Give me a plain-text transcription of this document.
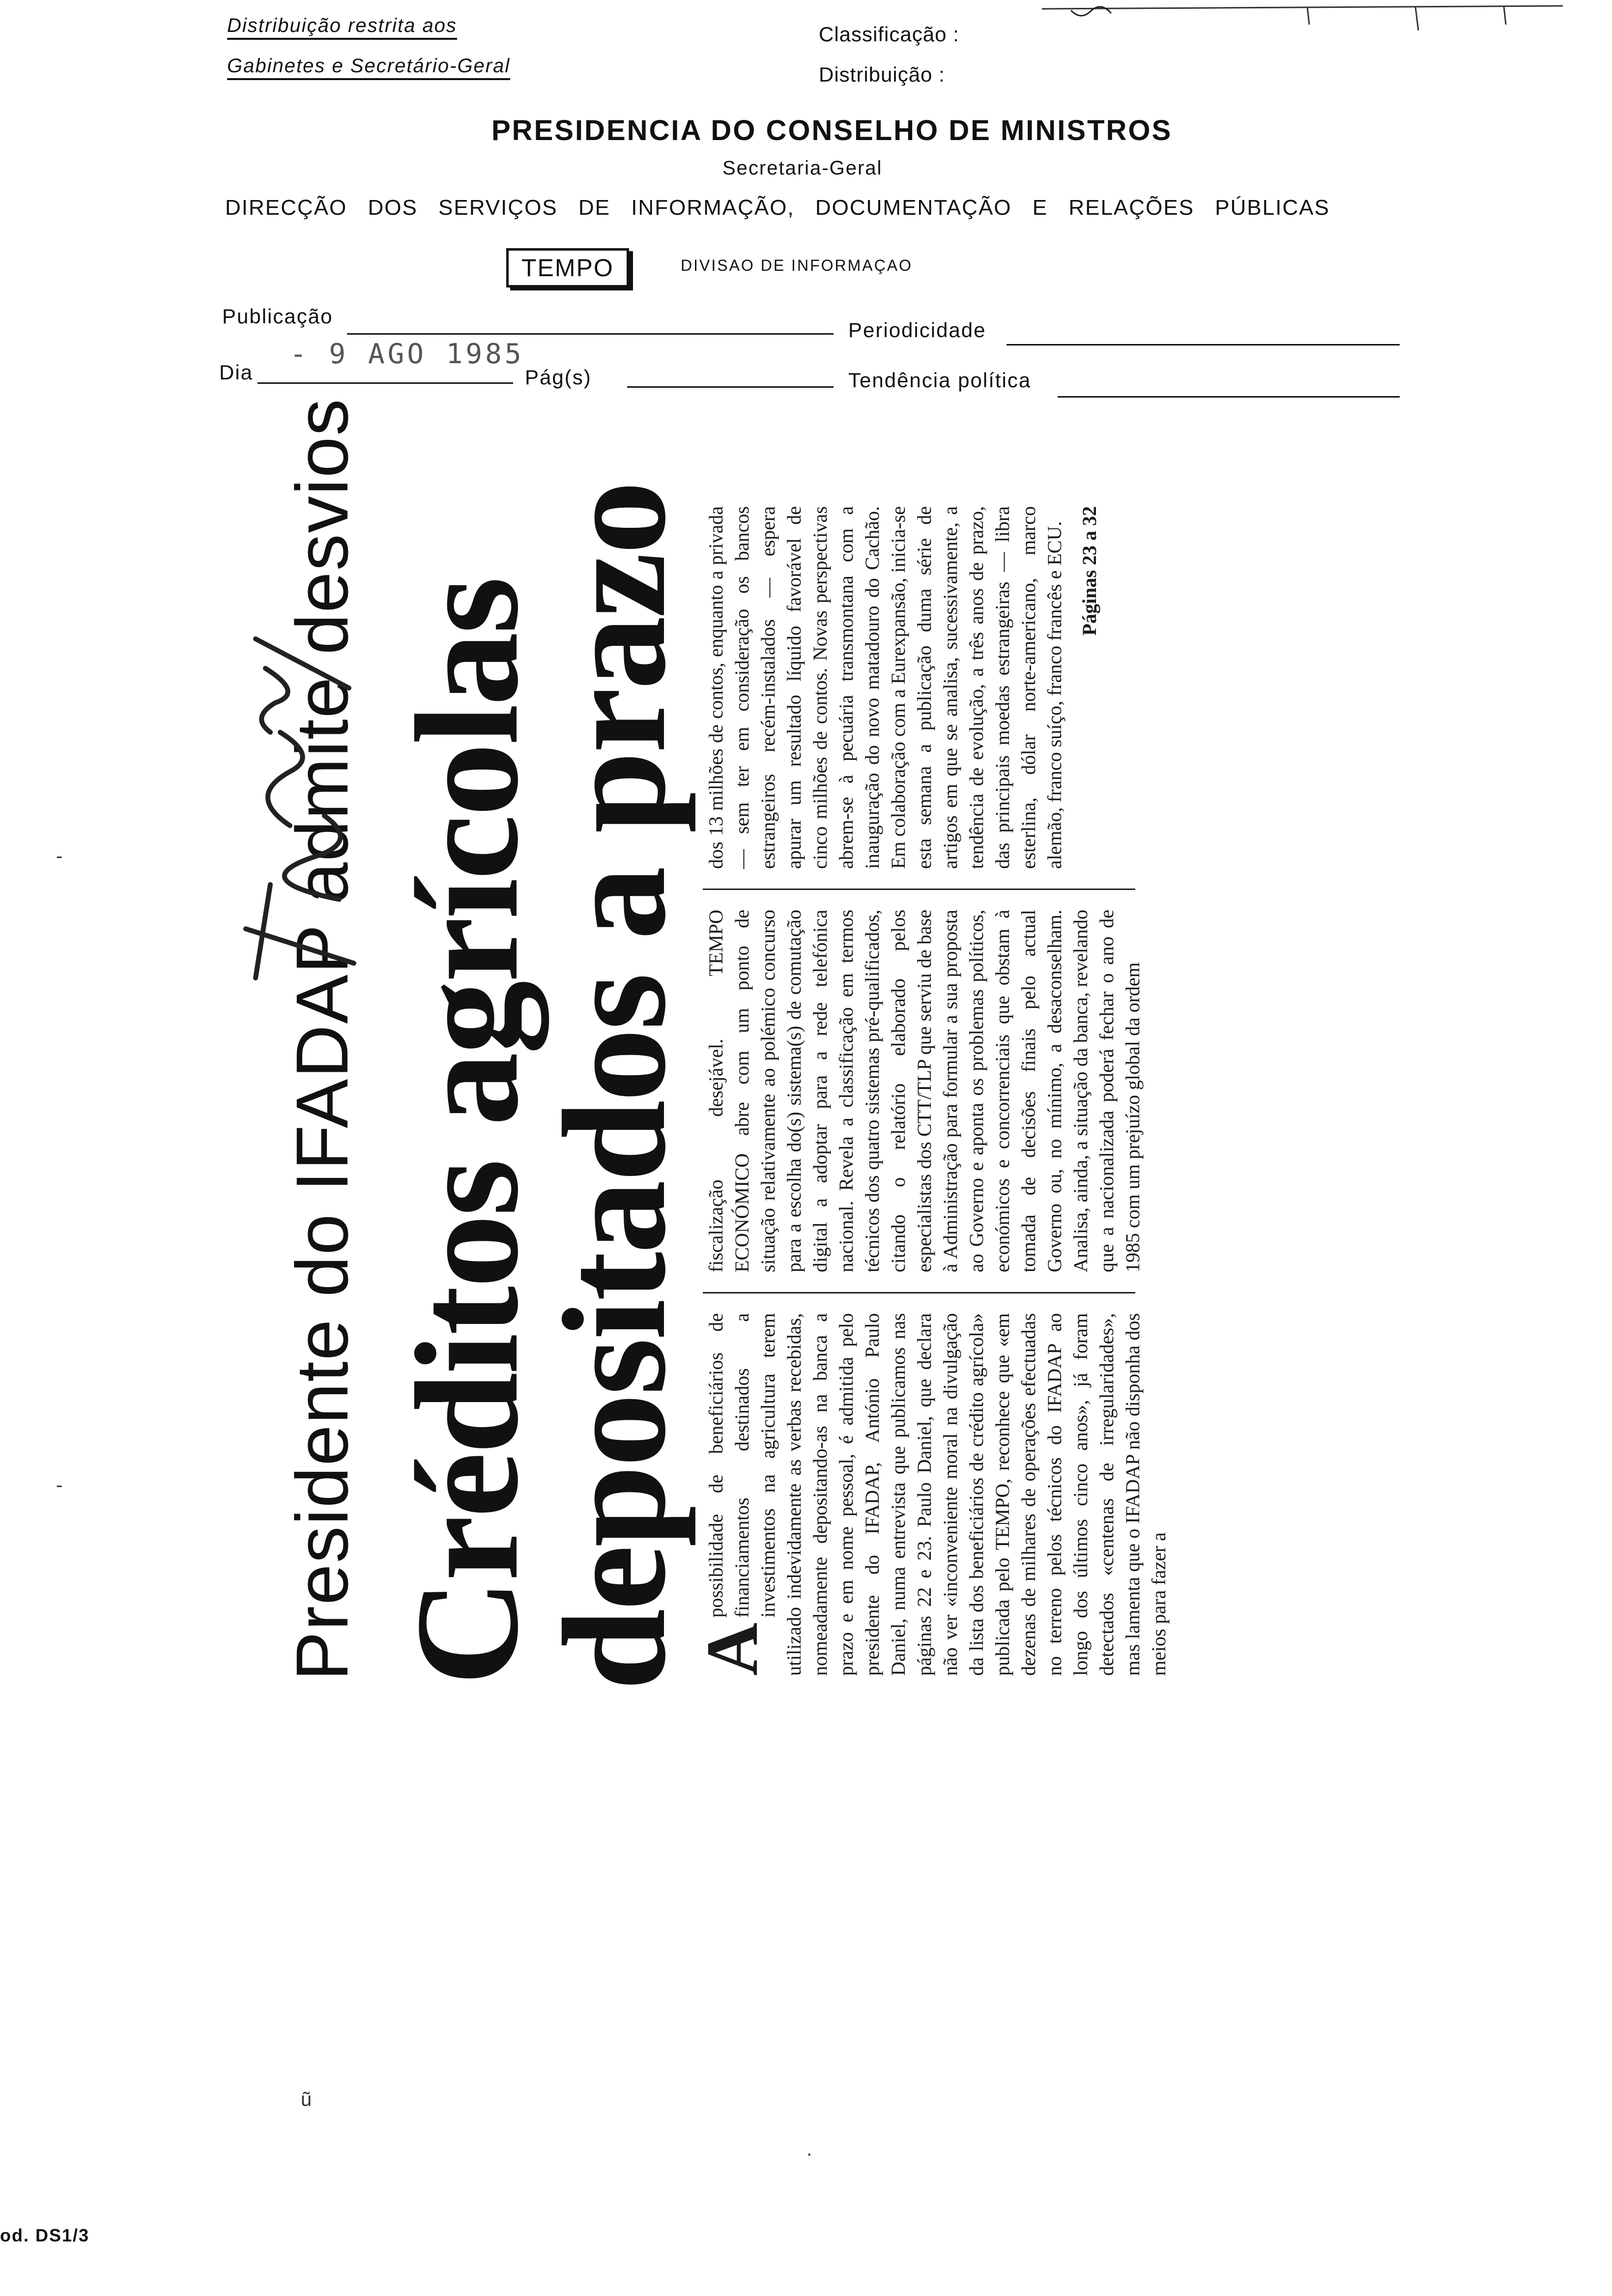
Distribuição restrita aos
Gabinetes e Secretário-Geral
Classificação :
Distribuição :
PRESIDENCIA DO CONSELHO DE MINISTROS
Secretaria-Geral
DIRECÇÃO DOS SERVIÇOS DE INFORMAÇÃO, DOCUMENTAÇÃO E RELAÇÕES PÚBLICAS
TEMPO	DIVISAO DE INFORMAÇAO
Publicação
Periodicidade
- 9 AGO 1985
Dia	Pág(s)	Tendência política
-
-
ũ
·
Presidente do IFADAP admite desvios Créditos agrícolas
depositados a prazo
A
possibilidade de beneficiários de financiamentos destinados a investimentos na agricultura terem utilizado indevidamente as verbas recebidas, nomeadamente depositando-as na banca a prazo e em nome pessoal, é admitida pelo presidente do IFADAP, António Paulo Daniel, numa entrevista que publicamos nas páginas 22 e 23. Paulo Daniel, que declara não ver «inconveniente moral na divulgação da lista dos beneficiários de crédito agrícola» publicada pelo TEMPO, reconhece que «em dezenas de milhares de operações efectuadas no terreno pelos técnicos do IFADAP ao longo dos últimos cinco anos», já foram detectados «centenas de irregularidades», mas lamenta que o IFADAP não disponha dos meios para fazer a
fiscalização desejável. TEMPO ECONÓMICO abre com um ponto de situação relativamente ao polémico concurso para a escolha do(s) sistema(s) de comutação digital a adoptar para a rede telefónica nacional. Revela a classificação em termos técnicos dos quatro sistemas pré-qualificados, citando o relatório elaborado pelos especialistas dos CTT/TLP que serviu de base à Administração para formular a sua proposta ao Governo e aponta os problemas políticos, económicos e concorrenciais que obstam à tomada de decisões finais pelo actual Governo ou, no mínimo, a desaconselham. Analisa, ainda, a situação da banca, revelando que a nacionalizada poderá fechar o ano de 1985 com um prejuízo global da ordem
dos 13 milhões de contos, enquanto a privada — sem ter em consideração os bancos estrangeiros recém-instalados — espera apurar um resultado líquido favorável de cinco milhões de contos. Novas perspectivas abrem-se à pecuária transmontana com a inauguração do novo matadouro do Cachão. Em colaboração com a Eurexpansão, inicia-se esta semana a publicação duma série de artigos em que se analisa, sucessivamente, a tendência de evolução, a três anos de prazo, das principais moedas estrangeiras — libra esterlina, dólar norte-americano, marco alemão, franco suíço, franco francês e ECU. Páginas 23 a 32
od. DS1/3
